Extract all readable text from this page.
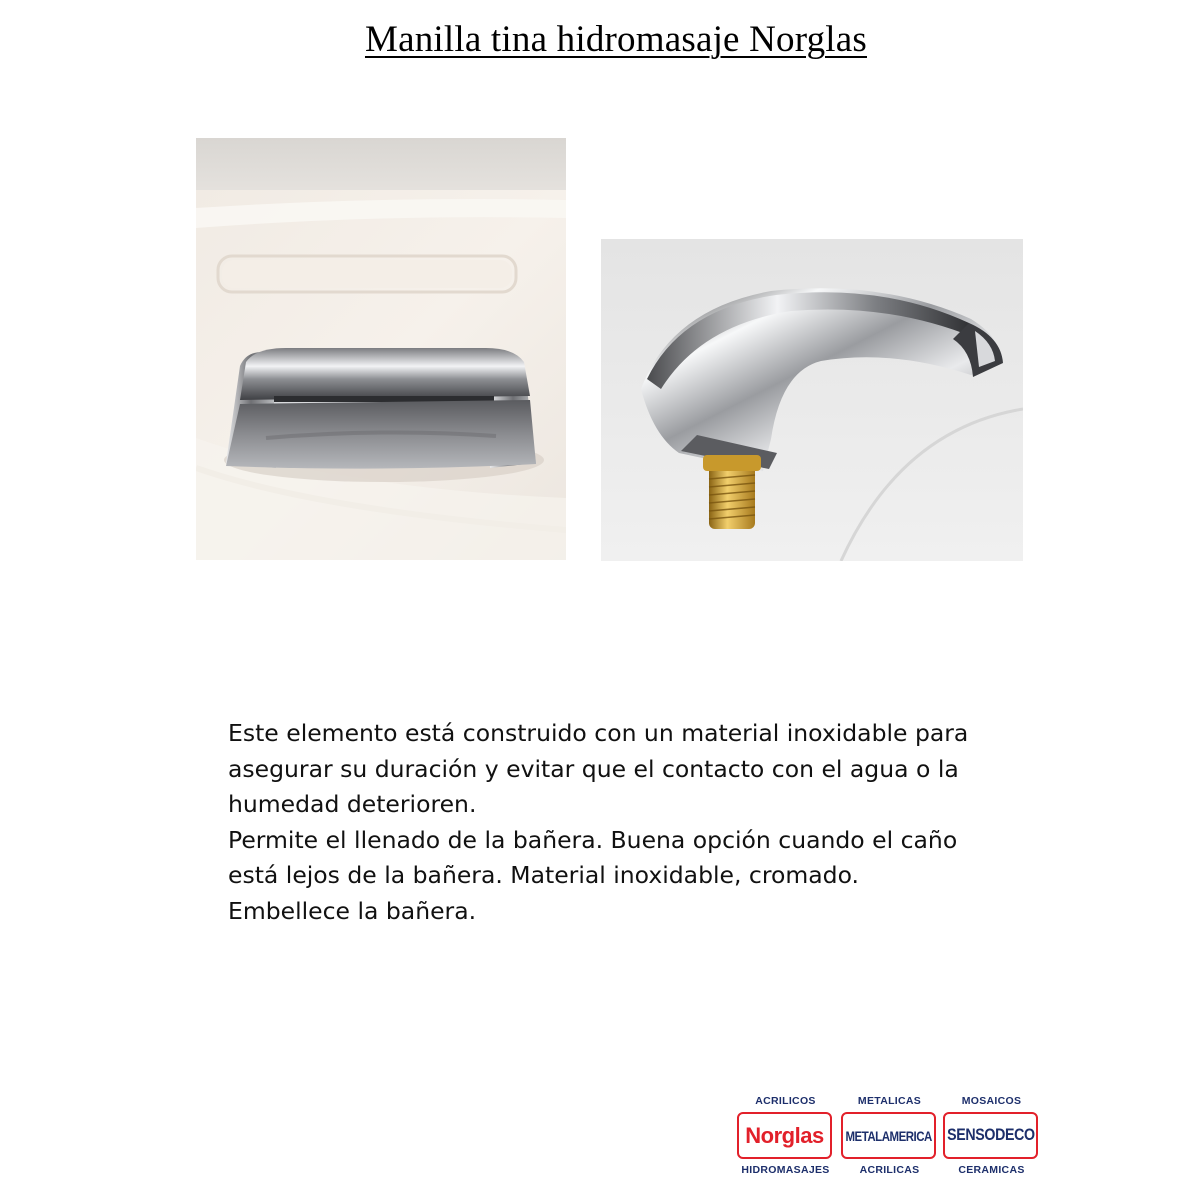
Manilla tina hidromasaje Norglas

Este elemento está construido con un material inoxidable para

asegurar su duración y evitar que el contacto con el agua o la

humedad deterioren.

Permite el llenado de la bañera. Buena opción cuando el caño

está lejos de la bañera. Material inoxidable, cromado.

Embellece la bañera.

ACRILICOS
Norglas
HIDROMASAJES
METALICAS
METALAMERICA
ACRILICAS
MOSAICOS
SENSODECO
CERAMICAS
